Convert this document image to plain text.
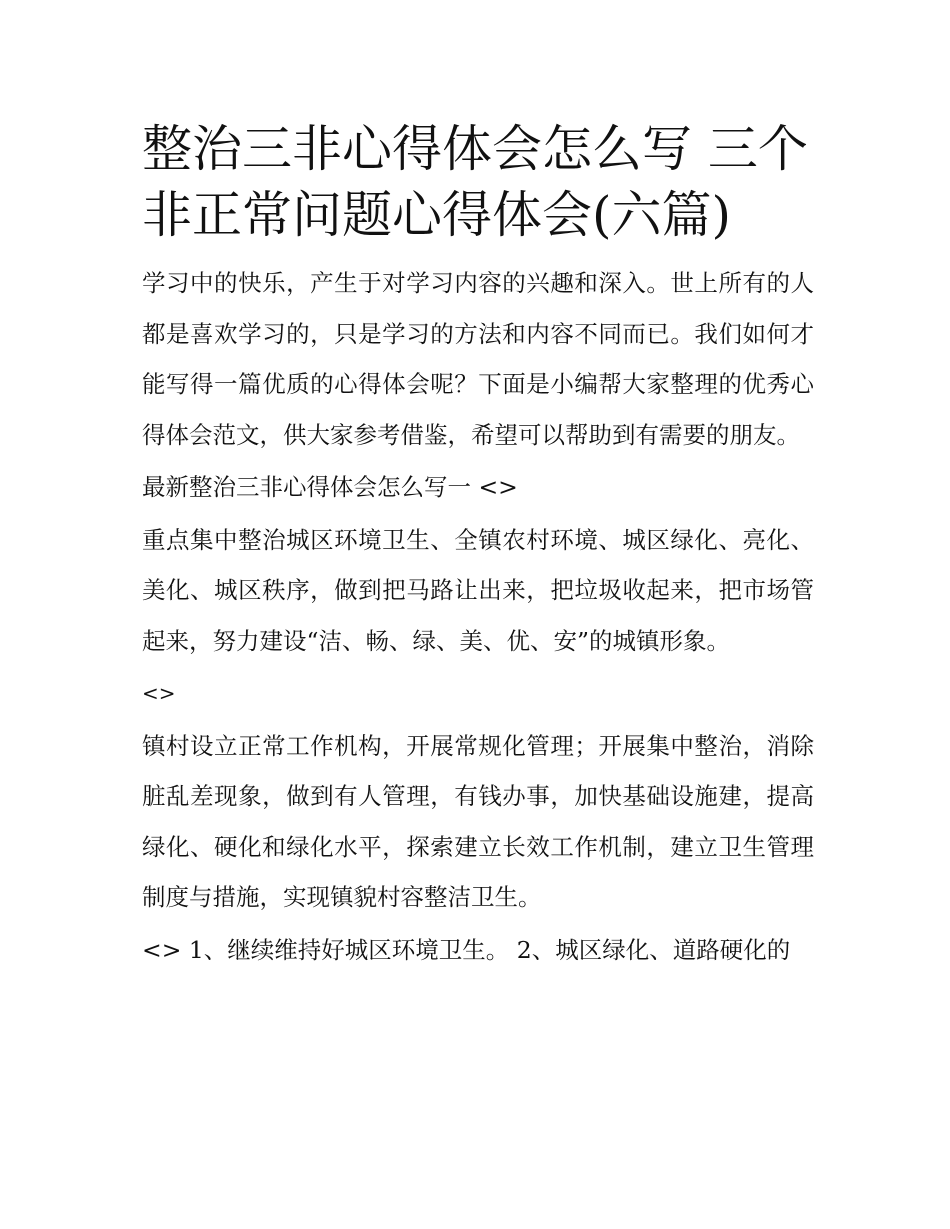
整治三非心得体会怎么写 三个非正常问题心得体会(六篇)

学习中的快乐，产生于对学习内容的兴趣和深入。世上所有的人都是喜欢学习的，只是学习的方法和内容不同而已。我们如何才能写得一篇优质的心得体会呢？下面是小编帮大家整理的优秀心得体会范文，供大家参考借鉴，希望可以帮助到有需要的朋友。

最新整治三非心得体会怎么写一 <>

重点集中整治城区环境卫生、全镇农村环境、城区绿化、亮化、美化、城区秩序，做到把马路让出来，把垃圾收起来，把市场管起来，努力建设“洁、畅、绿、美、优、安”的城镇形象。

<>

镇村设立正常工作机构，开展常规化管理；开展集中整治，消除脏乱差现象，做到有人管理，有钱办事，加快基础设施建，提高绿化、硬化和绿化水平，探索建立长效工作机制，建立卫生管理制度与措施，实现镇貌村容整洁卫生。

<> 1、继续维持好城区环境卫生。 2、城区绿化、道路硬化的
